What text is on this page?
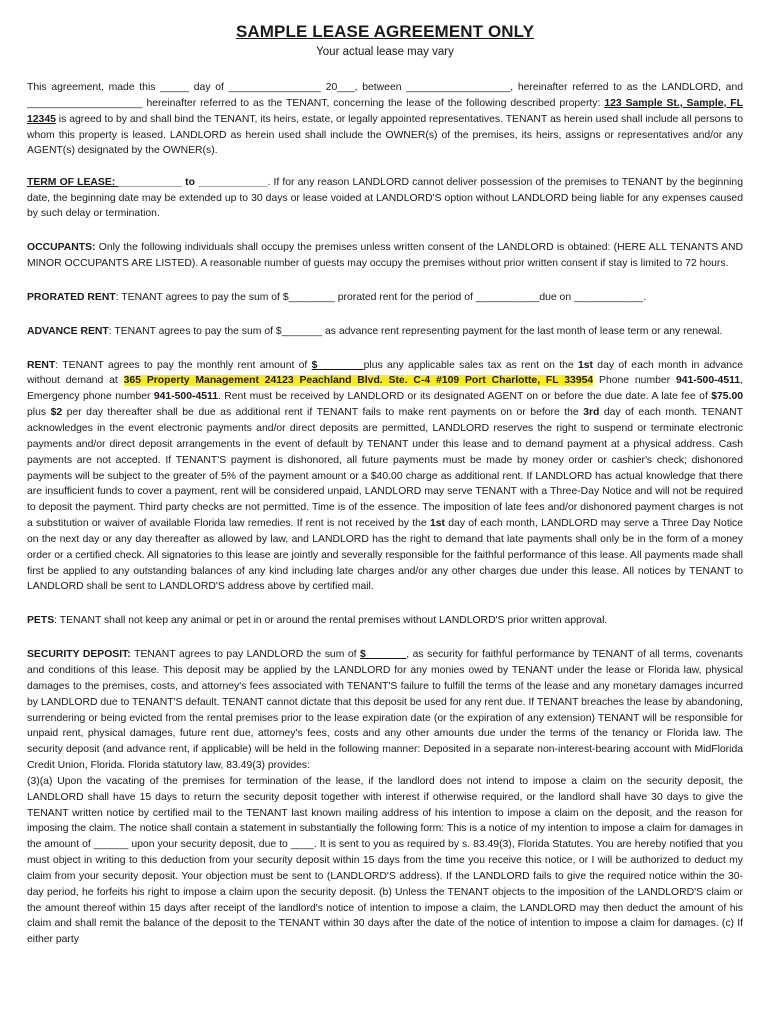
SAMPLE LEASE AGREEMENT ONLY

Your actual lease may vary

This agreement, made this _____ day of ________________ 20___, between __________________, hereinafter referred to as the LANDLORD, and ____________________ hereinafter referred to as the TENANT, concerning the lease of the following described property: 123 Sample St., Sample, FL 12345 is agreed to by and shall bind the TENANT, its heirs, estate, or legally appointed representatives. TENANT as herein used shall include all persons to whom this property is leased. LANDLORD as herein used shall include the OWNER(s) of the premises, its heirs, assigns or representatives and/or any AGENT(s) designated by the OWNER(s).

TERM OF LEASE: ___________ to ____________. If for any reason LANDLORD cannot deliver possession of the premises to TENANT by the beginning date, the beginning date may be extended up to 30 days or lease voided at LANDLORD'S option without LANDLORD being liable for any expenses caused by such delay or termination.

OCCUPANTS: Only the following individuals shall occupy the premises unless written consent of the LANDLORD is obtained: (HERE ALL TENANTS AND MINOR OCCUPANTS ARE LISTED). A reasonable number of guests may occupy the premises without prior written consent if stay is limited to 72 hours.

PRORATED RENT: TENANT agrees to pay the sum of $________ prorated rent for the period of ___________due on ____________.

ADVANCE RENT: TENANT agrees to pay the sum of $_______ as advance rent representing payment for the last month of lease term or any renewal.

RENT: TENANT agrees to pay the monthly rent amount of $________plus any applicable sales tax as rent on the 1st day of each month in advance without demand at 365 Property Management 24123 Peachland Blvd. Ste. C-4 #109 Port Charlotte, FL 33954 Phone number 941-500-4511, Emergency phone number 941-500-4511. Rent must be received by LANDLORD or its designated AGENT on or before the due date. A late fee of $75.00 plus $2 per day thereafter shall be due as additional rent if TENANT fails to make rent payments on or before the 3rd day of each month. TENANT acknowledges in the event electronic payments and/or direct deposits are permitted, LANDLORD reserves the right to suspend or terminate electronic payments and/or direct deposit arrangements in the event of default by TENANT under this lease and to demand payment at a physical address. Cash payments are not accepted. If TENANT'S payment is dishonored, all future payments must be made by money order or cashier's check; dishonored payments will be subject to the greater of 5% of the payment amount or a $40.00 charge as additional rent. If LANDLORD has actual knowledge that there are insufficient funds to cover a payment, rent will be considered unpaid, LANDLORD may serve TENANT with a Three-Day Notice and will not be required to deposit the payment. Third party checks are not permitted. Time is of the essence. The imposition of late fees and/or dishonored payment charges is not a substitution or waiver of available Florida law remedies. If rent is not received by the 1st day of each month, LANDLORD may serve a Three Day Notice on the next day or any day thereafter as allowed by law, and LANDLORD has the right to demand that late payments shall only be in the form of a money order or a certified check. All signatories to this lease are jointly and severally responsible for the faithful performance of this lease. All payments made shall first be applied to any outstanding balances of any kind including late charges and/or any other charges due under this lease. All notices by TENANT to LANDLORD shall be sent to LANDLORD'S address above by certified mail.

PETS: TENANT shall not keep any animal or pet in or around the rental premises without LANDLORD'S prior written approval.

SECURITY DEPOSIT: TENANT agrees to pay LANDLORD the sum of $_______, as security for faithful performance by TENANT of all terms, covenants and conditions of this lease. This deposit may be applied by the LANDLORD for any monies owed by TENANT under the lease or Florida law, physical damages to the premises, costs, and attorney's fees associated with TENANT'S failure to fulfill the terms of the lease and any monetary damages incurred by LANDLORD due to TENANT'S default. TENANT cannot dictate that this deposit be used for any rent due. If TENANT breaches the lease by abandoning, surrendering or being evicted from the rental premises prior to the lease expiration date (or the expiration of any extension) TENANT will be responsible for unpaid rent, physical damages, future rent due, attorney's fees, costs and any other amounts due under the terms of the tenancy or Florida law. The security deposit (and advance rent, if applicable) will be held in the following manner: Deposited in a separate non-interest-bearing account with MidFlorida Credit Union, Florida. Florida statutory law, 83.49(3) provides:

(3)(a) Upon the vacating of the premises for termination of the lease, if the landlord does not intend to impose a claim on the security deposit, the LANDLORD shall have 15 days to return the security deposit together with interest if otherwise required, or the landlord shall have 30 days to give the TENANT written notice by certified mail to the TENANT last known mailing address of his intention to impose a claim on the deposit, and the reason for imposing the claim. The notice shall contain a statement in substantially the following form: This is a notice of my intention to impose a claim for damages in the amount of ______ upon your security deposit, due to ____. It is sent to you as required by s. 83.49(3), Florida Statutes. You are hereby notified that you must object in writing to this deduction from your security deposit within 15 days from the time you receive this notice, or I will be authorized to deduct my claim from your security deposit. Your objection must be sent to (LANDLORD'S address). If the LANDLORD fails to give the required notice within the 30-day period, he forfeits his right to impose a claim upon the security deposit. (b) Unless the TENANT objects to the imposition of the LANDLORD'S claim or the amount thereof within 15 days after receipt of the landlord's notice of intention to impose a claim, the LANDLORD may then deduct the amount of his claim and shall remit the balance of the deposit to the TENANT within 30 days after the date of the notice of intention to impose a claim for damages. (c) If either party
